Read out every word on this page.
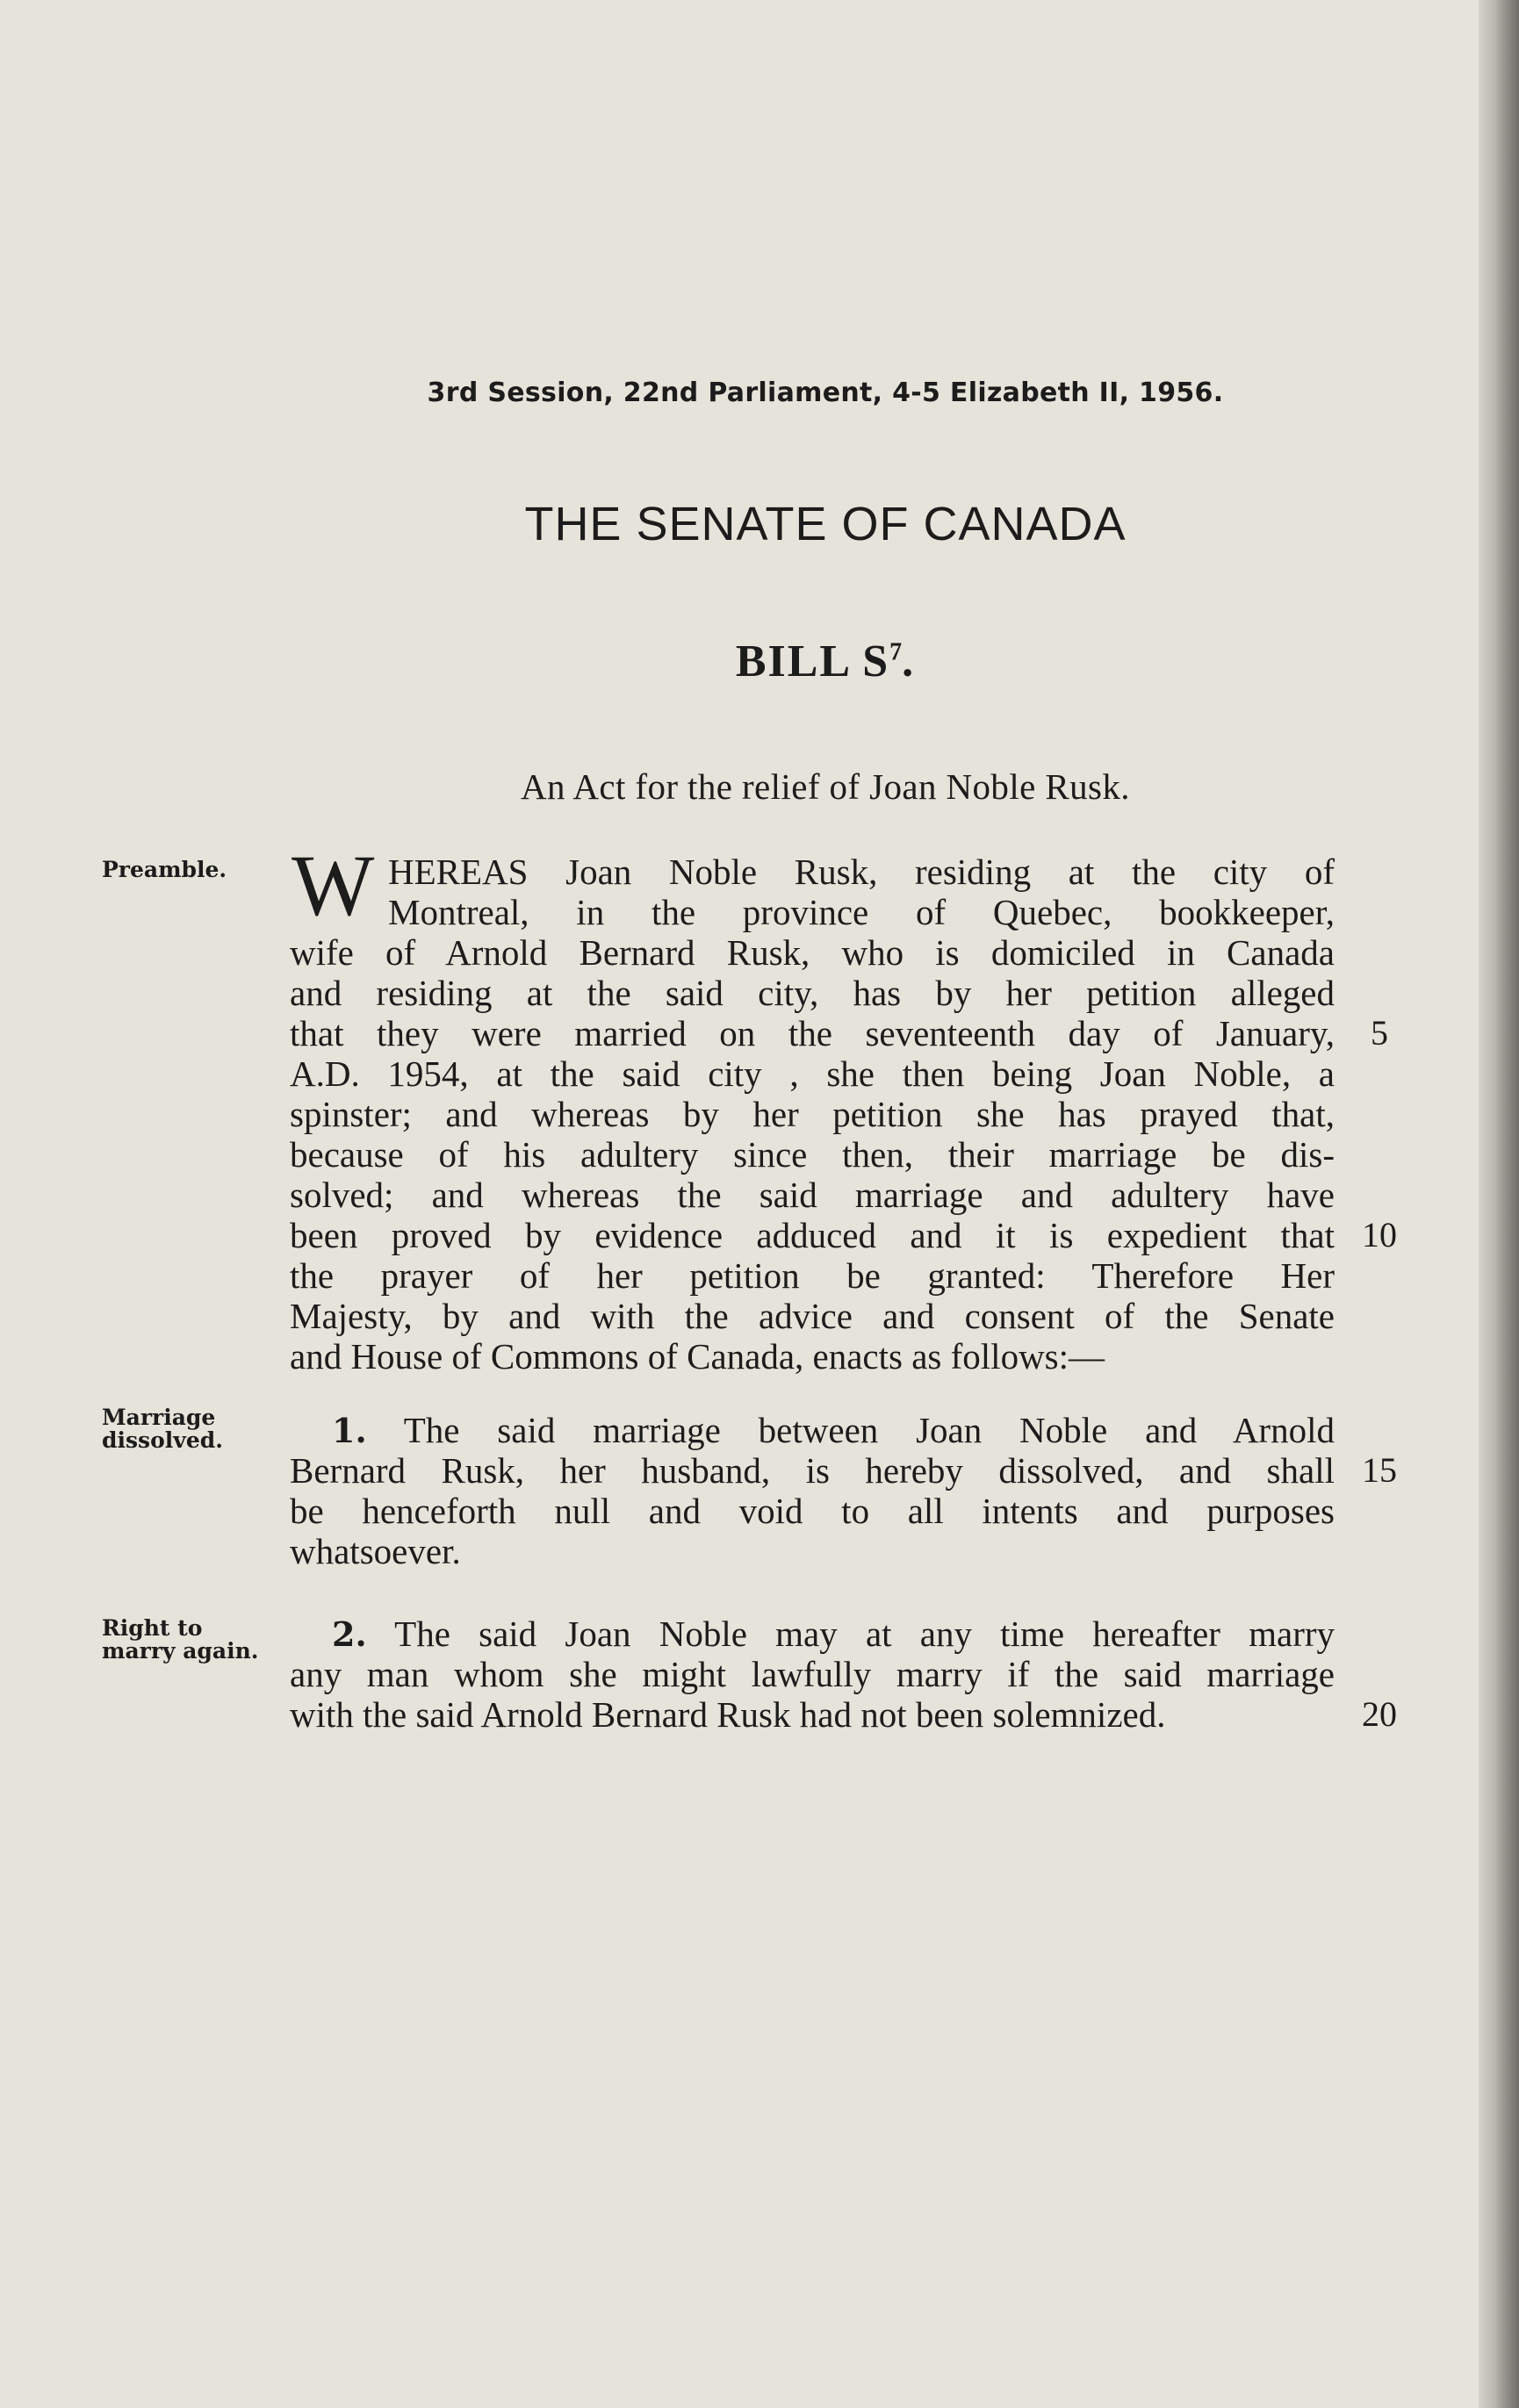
3rd Session, 22nd Parliament, 4-5 Elizabeth II, 1956.
THE SENATE OF CANADA
BILL $S^7$.
An Act for the relief of Joan Noble Rusk.
Preamble. W HEREAS Joan Noble Rusk, residing at the city of
Montreal, in the province of Quebec, bookkeeper,
wife of Arnold Bernard Rusk, who is domiciled in Canada
and residing at the said city, has by her petition alleged
that they were married on the seventeenth day of January,
A.D. 1954, at the said city , she then being Joan Noble, a
spinster; and whereas by her petition she has prayed that,
because of his adultery since then, their marriage be dis-
solved; and whereas the said marriage and adultery have
been proved by evidence adduced and it is expedient that
the prayer of her petition be granted: Therefore Her
Majesty, by and with the advice and consent of the Senate
and House of Commons of Canada, enacts as follows:—
5
10
Marriage
dissolved.	1. The said marriage between Joan Noble and Arnold
Bernard Rusk, her husband, is hereby dissolved, and shall
be henceforth null and void to all intents and purposes
whatsoever.
15
Right to
marry again. 2. The said Joan Noble may at any time hereafter marry
any man whom she might lawfully marry if the said marriage
with the said Arnold Bernard Rusk had not been solemnized.	20
